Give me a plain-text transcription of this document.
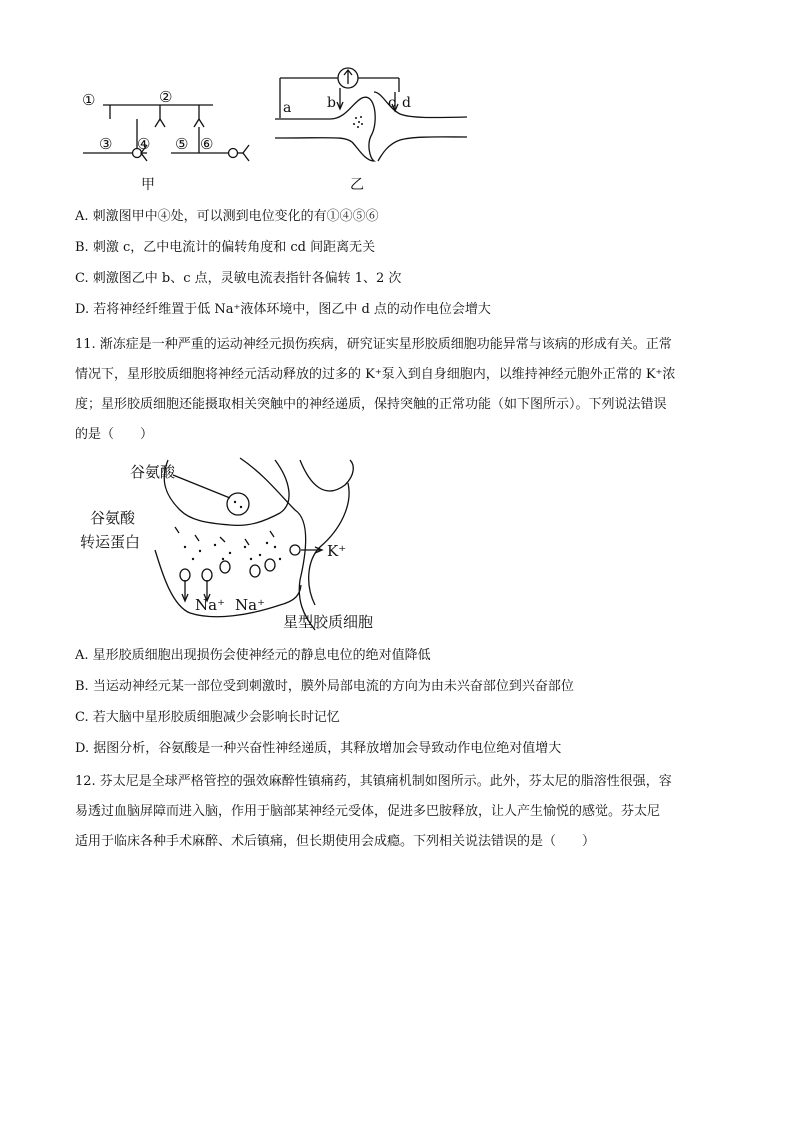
①	②
③ ④ ⑤ ⑥
甲
a	b	c d
乙
A. 刺激图甲中④处，可以测到电位变化的有①④⑤⑥
B. 刺激 c，乙中电流计的偏转角度和 cd 间距离无关
C. 刺激图乙中 b、c 点，灵敏电流表指针各偏转 1、2 次
D. 若将神经纤维置于低 Na⁺液体环境中，图乙中 d 点的动作电位会增大
11. 渐冻症是一种严重的运动神经元损伤疾病，研究证实星形胶质细胞功能异常与该病的形成有关。正常
情况下，星形胶质细胞将神经元活动释放的过多的 K⁺泵入到自身细胞内，以维持神经元胞外正常的 K⁺浓
度；星形胶质细胞还能摄取相关突触中的神经递质，保持突触的正常功能（如下图所示）。下列说法错误
的是（　　）
谷氨酸
谷氨酸
转运蛋白	K⁺
Na⁺ Na⁺
星型胶质细胞
A. 星形胶质细胞出现损伤会使神经元的静息电位的绝对值降低
B. 当运动神经元某一部位受到刺激时，膜外局部电流的方向为由未兴奋部位到兴奋部位
C. 若大脑中星形胶质细胞减少会影响长时记忆
D. 据图分析，谷氨酸是一种兴奋性神经递质，其释放增加会导致动作电位绝对值增大
12. 芬太尼是全球严格管控的强效麻醉性镇痛药，其镇痛机制如图所示。此外，芬太尼的脂溶性很强，容
易透过血脑屏障而进入脑，作用于脑部某神经元受体，促进多巴胺释放，让人产生愉悦的感觉。芬太尼
适用于临床各种手术麻醉、术后镇痛，但长期使用会成瘾。下列相关说法错误的是（　　）
